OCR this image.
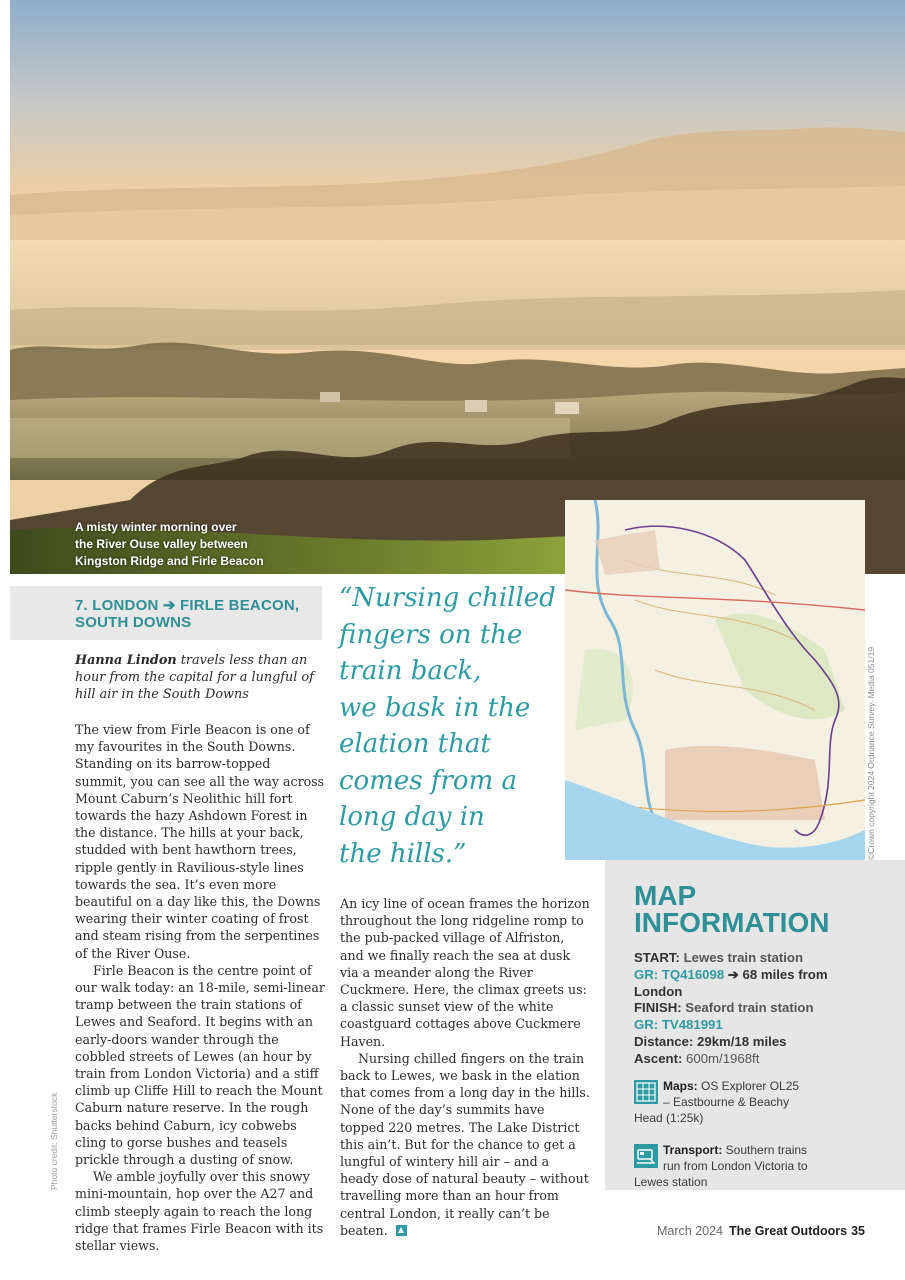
A misty winter morning over
the River Ouse valley between
Kingston Ridge and Firle Beacon
©Crown copyright 2024 Ordnance Survey. Media 051/19
7. LONDON ➔ FIRLE BEACON,
SOUTH DOWNS
Hanna Lindon travels less than an hour from the capital for a lungful of hill air in the South Downs

The view from Firle Beacon is one of my favourites in the South Downs. Standing on its barrow-topped summit, you can see all the way across Mount Caburn’s Neolithic hill fort towards the hazy Ashdown Forest in the distance. The hills at your back, studded with bent hawthorn trees, ripple gently in Ravilious-style lines towards the sea. It’s even more beautiful on a day like this, the Downs wearing their winter coating of frost and steam rising from the serpentines of the River Ouse.

Firle Beacon is the centre point of our walk today: an 18-mile, semi-linear tramp between the train stations of Lewes and Seaford. It begins with an early-doors wander through the cobbled streets of Lewes (an hour by train from London Victoria) and a stiff climb up Cliffe Hill to reach the Mount Caburn nature reserve. In the rough backs behind Caburn, icy cobwebs cling to gorse bushes and teasels prickle through a dusting of snow.

We amble joyfully over this snowy mini-mountain, hop over the A27 and climb steeply again to reach the long ridge that frames Firle Beacon with its stellar views.

“Nursing chilled
fingers on the
train back,
we bask in the
elation that
comes from a
long day in
the hills.”

An icy line of ocean frames the horizon throughout the long ridgeline romp to the pub-packed village of Alfriston, and we finally reach the sea at dusk via a meander along the River Cuckmere. Here, the climax greets us: a classic sunset view of the white coastguard cottages above Cuckmere Haven.

Nursing chilled fingers on the train back to Lewes, we bask in the elation that comes from a long day in the hills. None of the day’s summits have topped 220 metres. The Lake District this ain’t. But for the chance to get a lungful of wintery hill air – and a heady dose of natural beauty – without travelling more than an hour from central London, it really can’t be beaten.

MAP
INFORMATION
START: Lewes train station
GR: TQ416098 ➔ 68 miles from London
FINISH: Seaford train station
GR: TV481991
Distance: 29km/18 miles
Ascent: 600m/1968ft
Maps: OS Explorer OL25 – Eastbourne & Beachy Head (1:25k)
Transport: Southern trains run from London Victoria to Lewes station
Photo credit: Shutterstock
March 2024 The Great Outdoors 35
